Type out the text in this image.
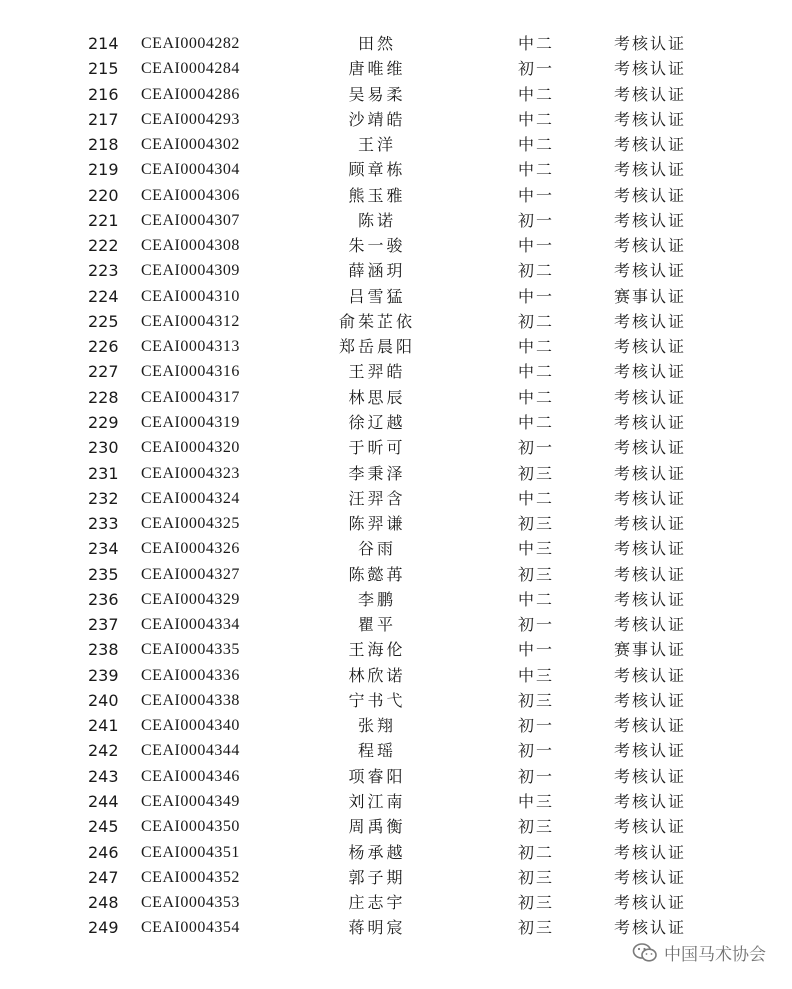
214 CEAI0004282	田然	中二	考核认证
215 CEAI0004284	唐唯维	初一	考核认证
216 CEAI0004286	吴易柔	中二	考核认证
217 CEAI0004293	沙靖皓	中二	考核认证
218 CEAI0004302	王洋	中二	考核认证
219 CEAI0004304	顾章栋	中二	考核认证
220 CEAI0004306	熊玉雅	中一	考核认证
221 CEAI0004307	陈诺	初一	考核认证
222 CEAI0004308	朱一骏	中一	考核认证
223 CEAI0004309	薛涵玥	初二	考核认证
224 CEAI0004310	吕雪猛	中一	赛事认证
225 CEAI0004312	俞茱芷依	初二	考核认证
226 CEAI0004313	郑岳晨阳	中二	考核认证
227 CEAI0004316	王羿皓	中二	考核认证
228 CEAI0004317	林思辰	中二	考核认证
229 CEAI0004319	徐辽越	中二	考核认证
230 CEAI0004320	于昕可	初一	考核认证
231 CEAI0004323	李秉泽	初三	考核认证
232 CEAI0004324	汪羿含	中二	考核认证
233 CEAI0004325	陈羿谦	初三	考核认证
234 CEAI0004326	谷雨	中三	考核认证
235 CEAI0004327	陈懿苒	初三	考核认证
236 CEAI0004329	李鹏	中二	考核认证
237 CEAI0004334	瞿平	初一	考核认证
238 CEAI0004335	王海伦	中一	赛事认证
239 CEAI0004336	林欣诺	中三	考核认证
240 CEAI0004338	宁书弋	初三	考核认证
241 CEAI0004340	张翔	初一	考核认证
242 CEAI0004344	程瑶	初一	考核认证
243 CEAI0004346	项睿阳	初一	考核认证
244 CEAI0004349	刘江南	中三	考核认证
245 CEAI0004350	周禹衡	初三	考核认证
246 CEAI0004351	杨承越	初二	考核认证
247 CEAI0004352	郭子期	初三	考核认证
248 CEAI0004353	庄志宇	初三	考核认证
249 CEAI0004354	蒋明宸	初三	考核认证
中国马术协会
